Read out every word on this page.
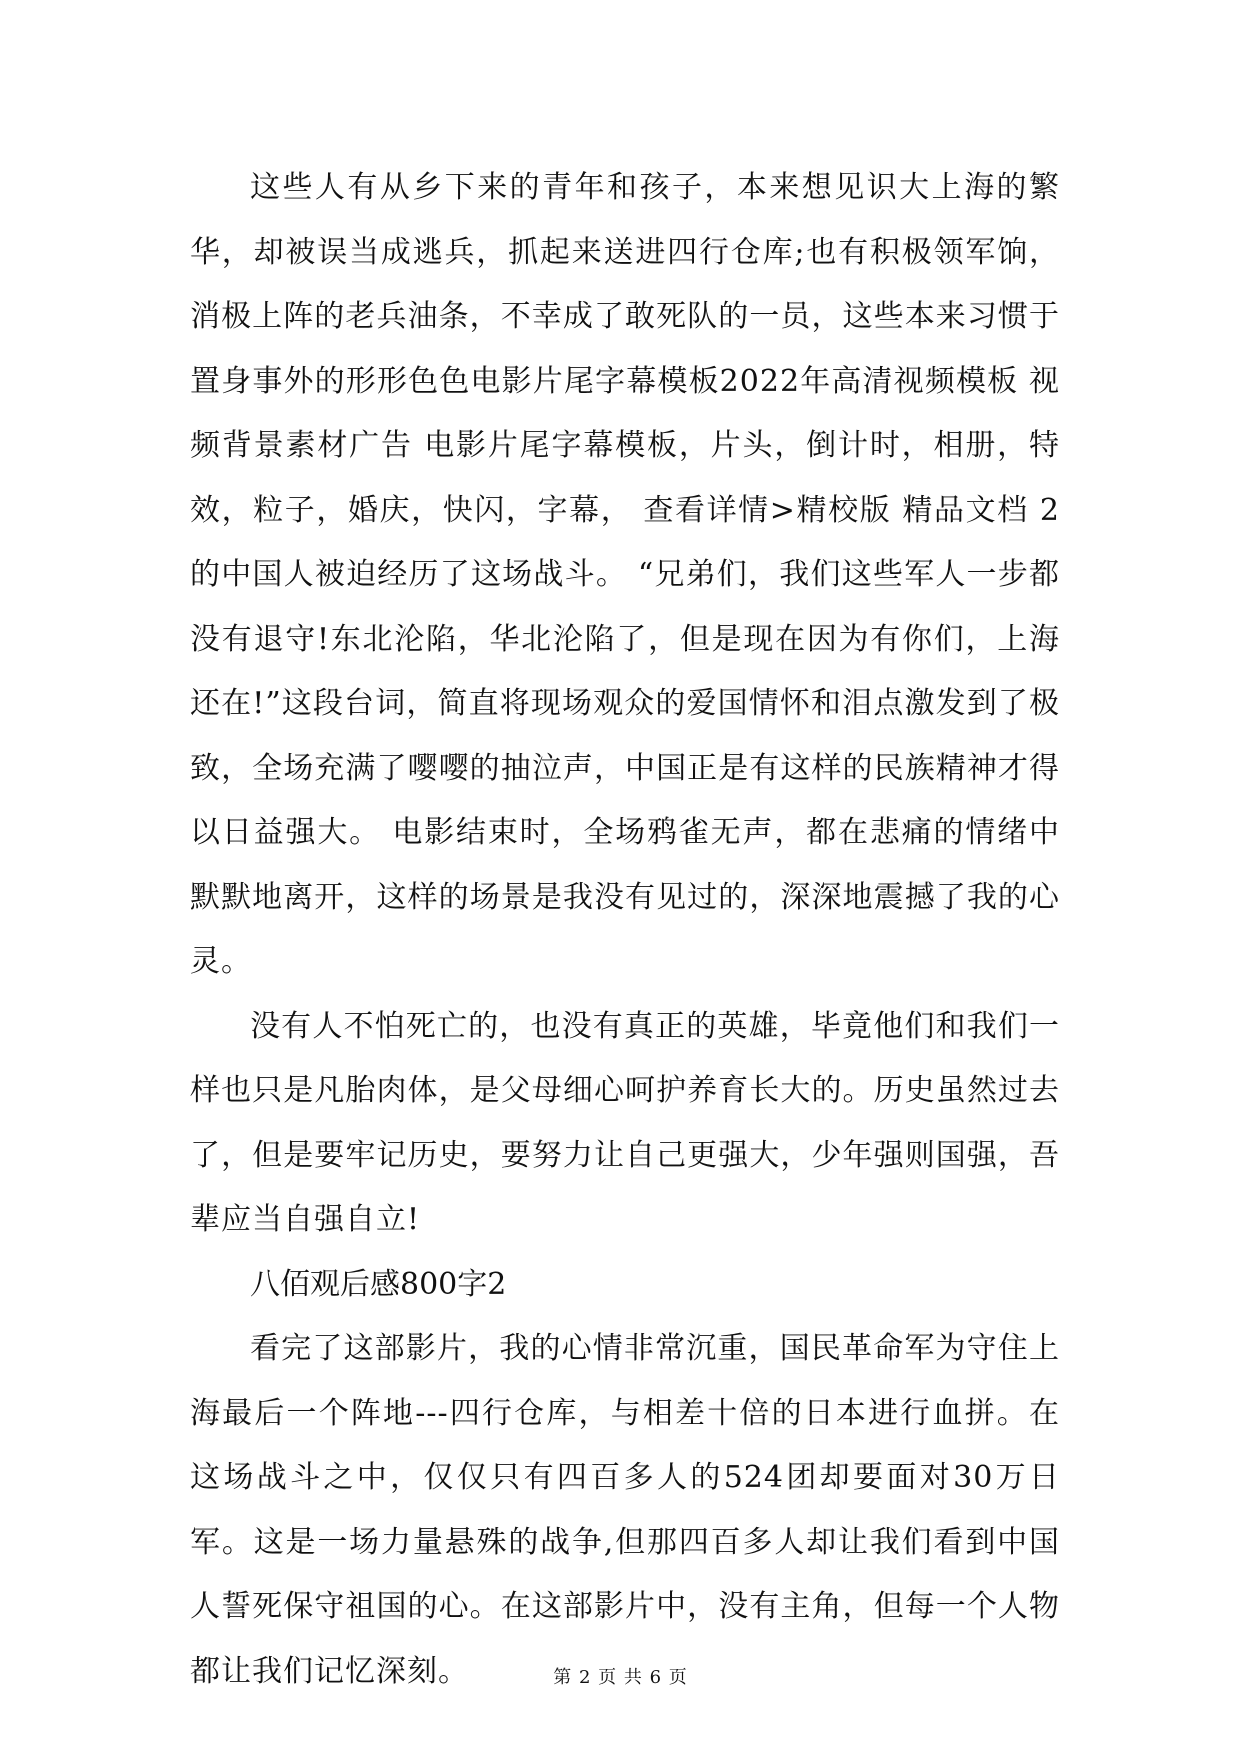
这些人有从乡下来的青年和孩子，本来想见识大上海的繁华，却被误当成逃兵，抓起来送进四行仓库;也有积极领军饷，消极上阵的老兵油条，不幸成了敢死队的一员，这些本来习惯于置身事外的形形色色电影片尾字幕模板2022年高清视频模板 视频背景素材广告 电影片尾字幕模板，片头，倒计时，相册，特效，粒子，婚庆，快闪，字幕， 查看详情>精校版 精品文档 2 的中国人被迫经历了这场战斗。 “兄弟们，我们这些军人一步都没有退守!东北沦陷，华北沦陷了，但是现在因为有你们，上海还在!”这段台词，简直将现场观众的爱国情怀和泪点激发到了极致，全场充满了嘤嘤的抽泣声，中国正是有这样的民族精神才得以日益强大。 电影结束时，全场鸦雀无声，都在悲痛的情绪中默默地离开，这样的场景是我没有见过的，深深地震撼了我的心灵。

没有人不怕死亡的，也没有真正的英雄，毕竟他们和我们一样也只是凡胎肉体，是父母细心呵护养育长大的。历史虽然过去了，但是要牢记历史，要努力让自己更强大，少年强则国强，吾辈应当自强自立!

八佰观后感800字2

看完了这部影片，我的心情非常沉重，国民革命军为守住上海最后一个阵地---四行仓库，与相差十倍的日本进行血拼。在这场战斗之中，仅仅只有四百多人的524团却要面对30万日军。这是一场力量悬殊的战争,但那四百多人却让我们看到中国人誓死保守祖国的心。在这部影片中，没有主角，但每一个人物都让我们记忆深刻。	第 2 页 共 6 页
